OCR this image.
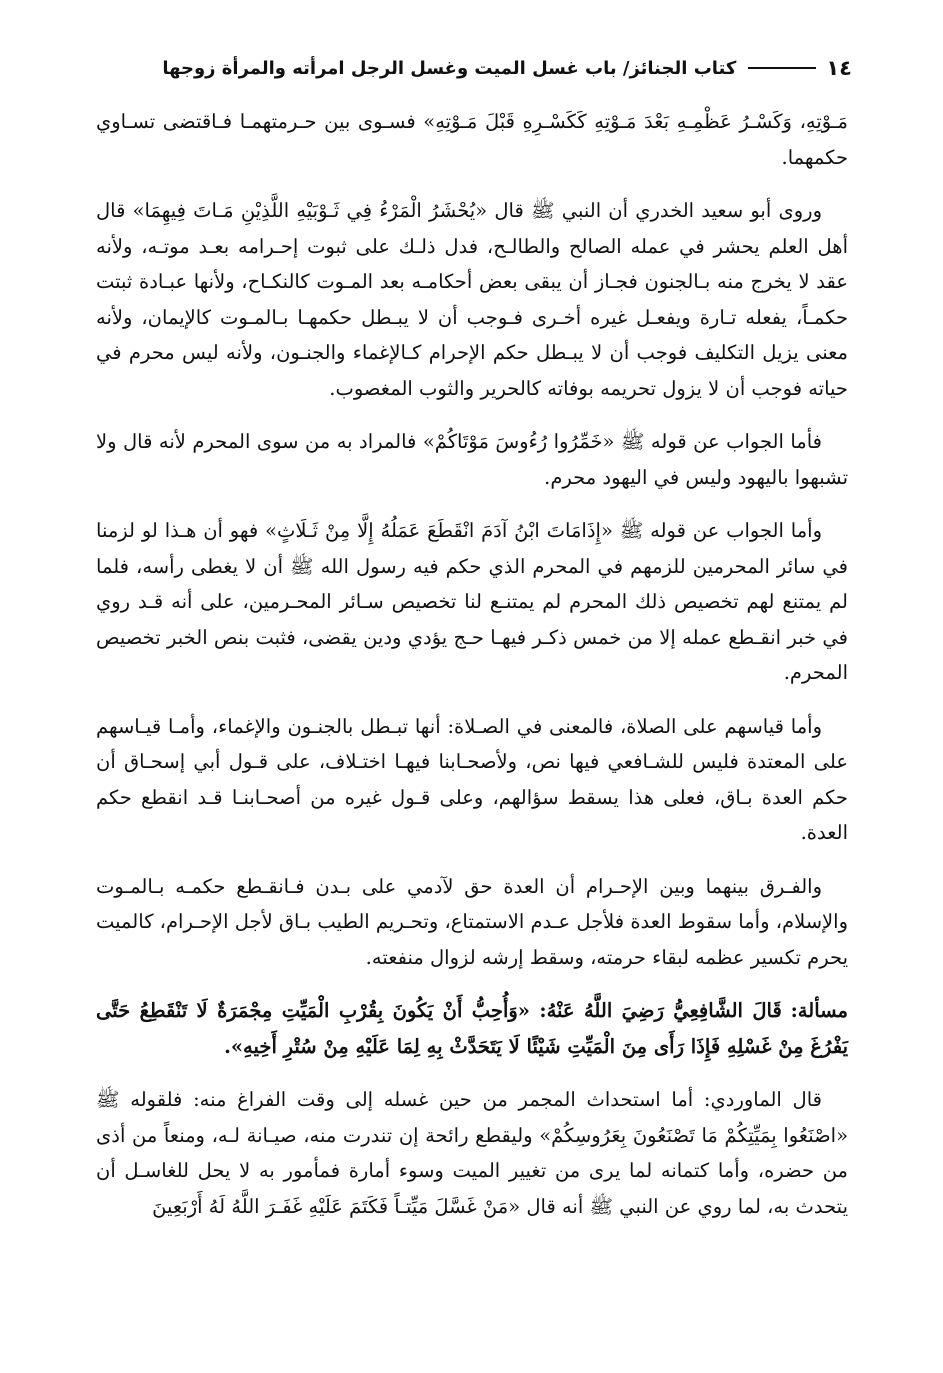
١٤
كتاب الجنائز/ باب غسل الميت وغسل الرجل امرأته والمرأة زوجها

مَـوْتِهِ، وَكَسْـرُ عَظْمِـهِ بَعْدَ مَـوْتِهِ كَكَسْـرِهِ قَبْلَ مَـوْتِهِ» فسـوى بين حـرمتهمـا فـاقتضى تسـاوي حكمهما.

وروى أبو سعيد الخدري أن النبي ﷺ قال «يُحْشَرُ الْمَرْءُ فِي ثَـوْبَيْهِ اللَّذِيْنِ مَـاتَ فِيهِمَا» قال أهل العلم يحشر في عمله الصالح والطالـح، فدل ذلـك على ثبوت إحـرامه بعـد موتـه، ولأنه عقد لا يخرج منه بـالجنون فجـاز أن يبقى بعض أحكامـه بعد المـوت كالنكـاح، ولأنها عبـادة ثبتت حكمـاً، يفعله تـارة ويفعـل غيره أخـرى فـوجب أن لا يبـطل حكمهـا بـالمـوت كالإيمان، ولأنه معنى يزيل التكليف فوجب أن لا يبـطل حكم الإحرام كـالإغماء والجنـون، ولأنه ليس محرم في حياته فوجب أن لا يزول تحريمه بوفاته كالحرير والثوب المغصوب.

فأما الجواب عن قوله ﷺ «خَمِّرُوا رُءُوسَ مَوْتَاكُمْ» فالمراد به من سوى المحرم لأنه قال ولا تشبهوا باليهود وليس في اليهود محرم.

وأما الجواب عن قوله ﷺ «إِذَامَاتَ ابْنُ آدَمَ انْقَطَعَ عَمَلُهُ إِلَّا مِنْ ثَـلَاثٍ» فهو أن هـذا لو لزمنا في سائر المحرمين للزمهم في المحرم الذي حكم فيه رسول الله ﷺ أن لا يغطى رأسه، فلما لم يمتنع لهم تخصيص ذلك المحرم لم يمتنـع لنا تخصيص سـائر المحـرمين، على أنه قـد روي في خبر انقـطع عمله إلا من خمس ذكـر فيهـا حـج يؤدي ودين يقضى، فثبت بنص الخبر تخصيص المحرم.

وأما قياسهم على الصلاة، فالمعنى في الصـلاة: أنها تبـطل بالجنـون والإغماء، وأمـا قيـاسهم على المعتدة فليس للشـافعي فيها نص، ولأصحـابنا فيهـا اختـلاف، على قـول أبي إسحـاق أن حكم العدة بـاق، فعلى هذا يسقط سؤالهم، وعلى قـول غيره من أصحـابنـا قـد انقطع حكم العدة.

والفـرق بينهما وبين الإحـرام أن العدة حق لآدمي على بـدن فـانقـطع حكمـه بـالمـوت والإسلام، وأما سقوط العدة فلأجل عـدم الاستمتاع، وتحـريم الطيب بـاق لأجل الإحـرام، كالميت يحرم تكسير عظمه لبقاء حرمته، وسقط إرشه لزوال منفعته.

مسألة: قَالَ الشَّافِعِيُّ رَضِيَ اللَّهُ عَنْهُ: «وَأُحِبُّ أَنْ يَكُونَ بِقُرْبِ الْمَيِّتِ مِجْمَرَةٌ لَا تَنْقَطِعُ حَتَّى يَفْرُغَ مِنْ غَسْلِهِ فَإِذَا رَأَى مِنَ الْمَيِّتِ شَيْئًا لَا يَتَحَدَّثْ بِهِ لِمَا عَلَيْهِ مِنْ سُتْرِ أَخِيهِ».

قال الماوردي: أما استحداث المجمر من حين غسله إلى وقت الفراغ منه: فلقوله ﷺ «اصْنَعُوا بِمَيِّتِكُمْ مَا تَصْنَعُونَ بِعَرُوسِكُمْ» وليقطع رائحة إن تندرت منه، صيـانة لـه، ومنعاً من أذى من حضره، وأما كتمانه لما يرى من تغيير الميت وسوء أمارة فمأمور به لا يحل للغاسـل أن يتحدث به، لما روي عن النبي ﷺ أنه قال «مَنْ غَسَّلَ مَيِّتـاً فَكَتَمَ عَلَيْهِ غَفَـرَ اللَّهُ لَهُ أَرْبَعِينَ
